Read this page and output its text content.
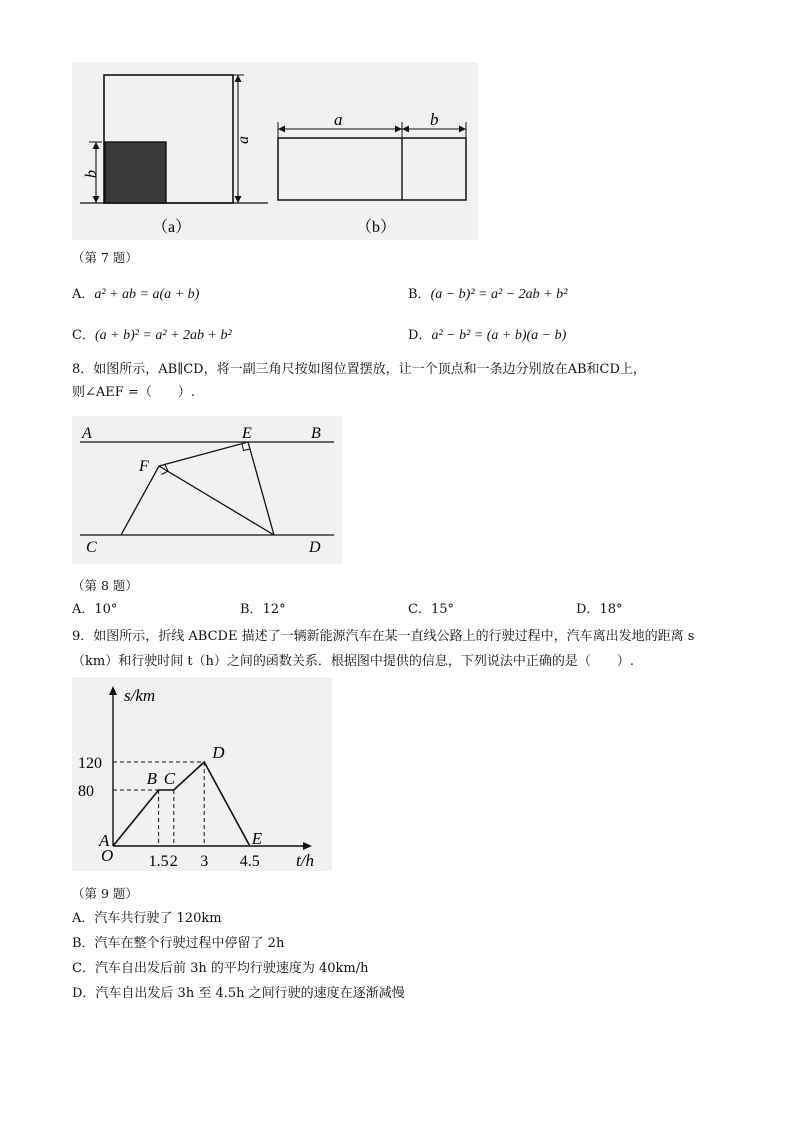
b
a
（a）
a	b
（b）
（第 7 题）
A．a² + ab = a(a + b)	B．(a − b)² = a² − 2ab + b²
C．(a + b)² = a² + 2ab + b²	D．a² − b² = (a + b)(a − b)
8．如图所示，AB∥CD，将一副三角尺按如图位置摆放，让一个顶点和一条边分别放在AB和CD上，
则∠AEF =（　　）.
A	B
E
F
C	D
（第 8 题）
A．10°	B．12°	C．15°	D．18°
9．如图所示，折线 ABCDE 描述了一辆新能源汽车在某一直线公路上的行驶过程中，汽车离出发地的距离 s
（km）和行驶时间 t（h）之间的函数关系．根据图中提供的信息，下列说法中正确的是（　　）.
s/km
t/h
O
120
80
1.5 2 3 4.5
A
B C
D
E
（第 9 题）
A．汽车共行驶了 120km
B．汽车在整个行驶过程中停留了 2h
C．汽车自出发后前 3h 的平均行驶速度为 40km/h
D．汽车自出发后 3h 至 4.5h 之间行驶的速度在逐渐减慢
